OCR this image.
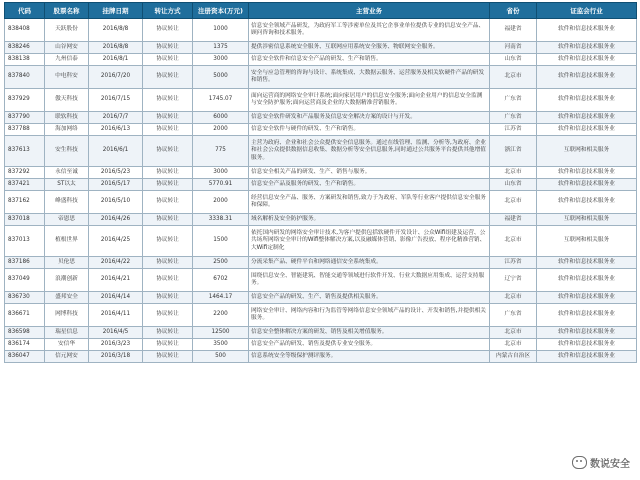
代码	股票名称	挂牌日期	转让方式	注册资本(万元)	主营业务	省份	证监会行业
838408	天跃股份	2016/8/8	协议转让	1000	信息安全领域产品研发，为政府军工等涉密单位及其它企事业单位提供专业的信息安全产品、顾问咨询和技术服务。	福建省	软件和信息技术服务业
838246	山谷网安	2016/8/8	协议转让	1375	提供涉密信息系统安全服务、互联网应用系统安全服务、物联网安全服务。	河南省	软件和信息技术服务业
838138	九州信泰	2016/8/1	协议转让	3000	信息安全软件和信息安全产品的研发、生产和销售。	山东省	软件和信息技术服务业
837840	中电科安	2016/7/20	协议转让	5000	安全与应急管理的咨询与设计、系统集成、大数据云服务、运营服务及相关软硬件产品的研发和销售。	北京市	软件和信息技术服务业
837929	傲天科技	2016/7/15	协议转让	1745.07	面向运营商的网络安全审计系统;面向家居用户的信息安全服务;面向企业用户的信息安全监测与安全防护服务;面向运营商及企业的大数据精准营销服务。	广东省	软件和信息技术服务业
837790	联软科技	2016/7/7	协议转让	6000	信息安全软件研发和产品服务及信息安全解决方案的设计与开发。	广东省	软件和信息技术服务业
837788	海加网络	2016/6/13	协议转让	2000	信息安全软件与硬件的研发、生产和销售。	江苏省	软件和信息技术服务业
837613	安生科技	2016/6/1	协议转让	775	主营为政府、企业和社会公众提供安全信息服务。通过在线管理、监测、分析等,为政府、企业和社会公众提供数据信息收集、数据分析等安全信息服务,同时通过公共服务平台提供其他增值服务。	浙江省	互联网和相关服务
837292	永信至诚	2016/5/23	协议转让	3000	信息安全相关产品的研发、生产、销售与服务。	北京市	软件和信息技术服务业
837421	ST以太	2016/5/17	协议转让	5770.91	信息安全产品及服务的研发、生产和销售。	山东省	软件和信息技术服务业
837162	峰盛科技	2016/5/10	协议转让	2000	经营信息安全产品、服务、方案研发和销售,致力于为政府、军队等行业客户提供信息安全服务和保障。	北京市	软件和信息技术服务业
837018	帝恩思	2016/4/26	协议转让	3338.31	域名解析及安全防护服务。	福建省	互联网和相关服务
837013	植根世界	2016/4/25	协议转让	1500	依托国内研发的网络安全审计技术,为客户提供包括软硬件开发设计、公众Wifi组建及运营、公共场所网络安全审计的Wifi整体解决方案,以及融媒体营销、影像广告投放、程序化精准营销、大Wifi定制化	北京市	互联网和相关服务
837186	贝伦思	2016/4/22	协议转让	2500	分流采集产品、硬件平台和网络通信安全系统集成。	江苏省	软件和信息技术服务业
837049	浪潮创新	2016/4/21	协议转让	6702	围绕信息安全、智能建筑、智能交通等领域进行软件开发、行业大数据应用集成、运营支持服务。	辽宁省	软件和信息技术服务业
836730	盛邦安全	2016/4/14	协议转让	1464.17	信息安全产品的研发、生产、销售及提供相关服务。	北京市	软件和信息技术服务业
836671	网博科技	2016/4/11	协议转让	2200	网络安全审计、网络内容和行为监管等网络信息安全领域产品的设计、开发和销售,并提供相关服务。	广东省	软件和信息技术服务业
836598	瑞星信息	2016/4/5	协议转让	12500	信息安全整体解决方案的研发、销售及相关增值服务。	北京市	软件和信息技术服务业
836174	安信华	2016/3/23	协议转让	3500	信息安全产品的研发、销售及提供专业安全服务。	北京市	软件和信息技术服务业
836047	信元网安	2016/3/18	协议转让	500	信息系统安全等级保护测评服务。	内蒙古自治区	软件和信息技术服务业
数说安全
